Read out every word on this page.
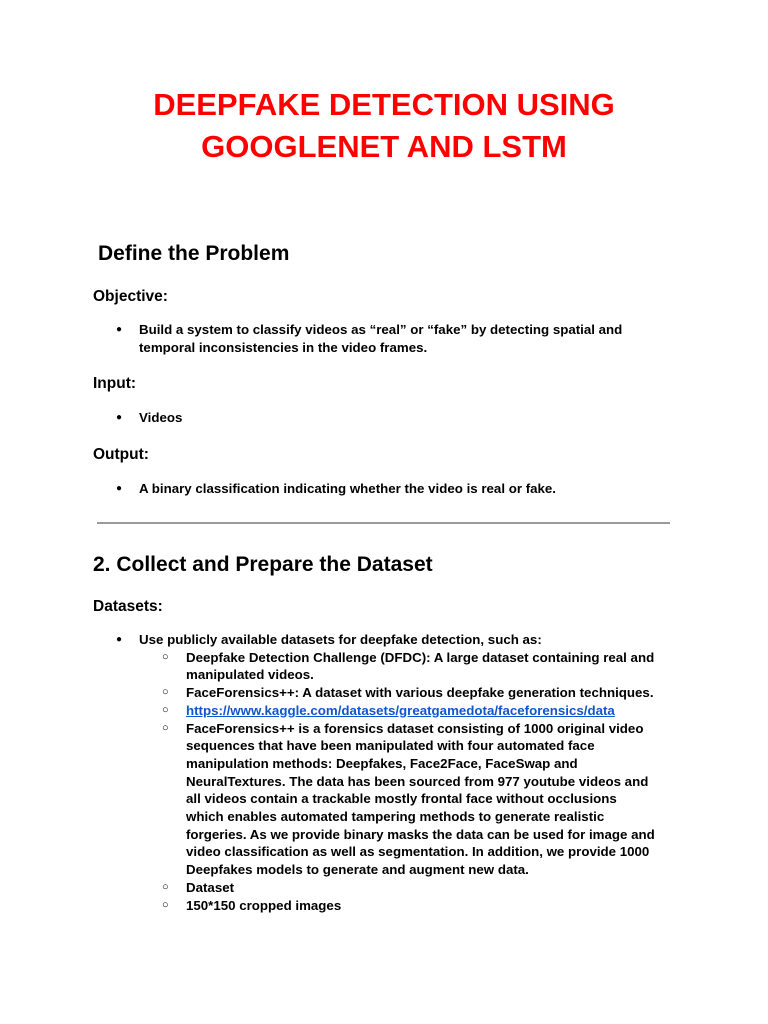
DEEPFAKE DETECTION USING
GOOGLENET AND LSTM
Define the Problem
Objective:
● Build a system to classify videos as “real” or “fake” by detecting spatial and temporal inconsistencies in the video frames.
Input:
● Videos
Output:
● A binary classification indicating whether the video is real or fake.
2. Collect and Prepare the Dataset
Datasets:
● Use publicly available datasets for deepfake detection, such as:
○ Deepfake Detection Challenge (DFDC): A large dataset containing real and manipulated videos.
○ FaceForensics++: A dataset with various deepfake generation techniques.
○ https://www.kaggle.com/datasets/greatgamedota/faceforensics/data
○ FaceForensics++ is a forensics dataset consisting of 1000 original video sequences that have been manipulated with four automated face manipulation methods: Deepfakes, Face2Face, FaceSwap and NeuralTextures. The data has been sourced from 977 youtube videos and all videos contain a trackable mostly frontal face without occlusions which enables automated tampering methods to generate realistic forgeries. As we provide binary masks the data can be used for image and video classification as well as segmentation. In addition, we provide 1000 Deepfakes models to generate and augment new data.
○ Dataset
○ 150*150 cropped images
